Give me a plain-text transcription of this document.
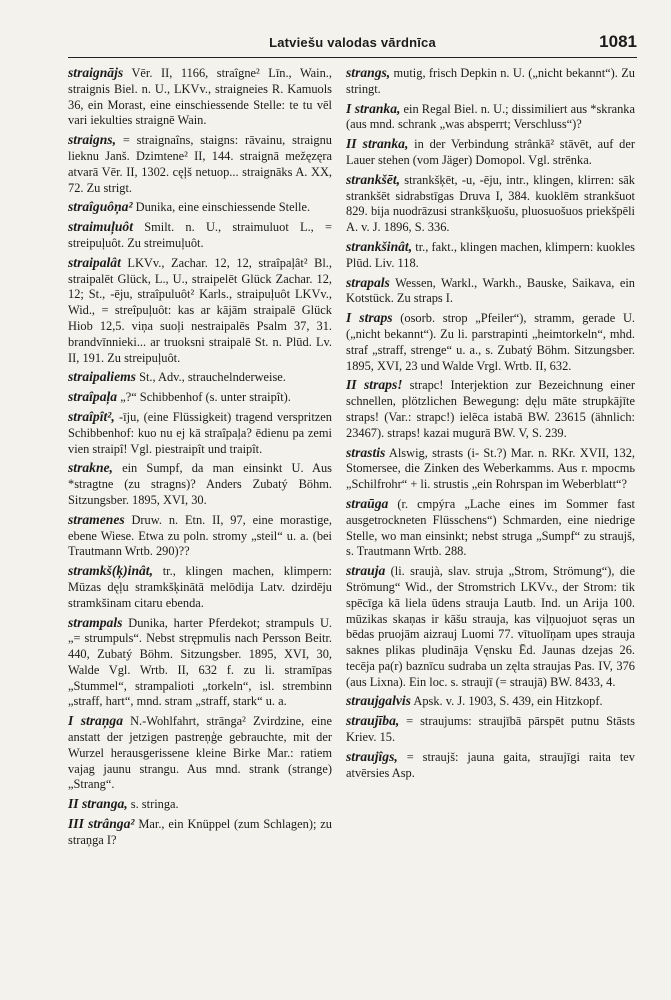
Latviešu valodas vārdnīca	1081

straignājs Vēr. II, 1166, straîgne² Līn., Wain., straignis Biel. n. U., LKVv., straigneies R. Kamuols 36, ein Morast, eine einschiessende Stelle: te tu vēl vari iekulties straignē Wain.

straigns, = straignaîns, staigns: rāvainu, straignu lieknu Janš. Dzimtene² II, 144. straignā mežęzęra atvarā Vēr. II, 1302. cęļš netuop... straignāks A. XX, 72. Zu strigt.

straîguôņa² Dunika, eine einschiessende Stelle.

straimuļuôt Smilt. n. U., straimuluot L., = streipuļuôt. Zu streimuļuôt.

straipalât LKVv., Zachar. 12, 12, straîpaļât² Bl., straipalēt Glück, L., U., straipelēt Glück Zachar. 12, 12; St., -ēju, straîpuluôt² Karls., straipuļuôt LKVv., Wid., = streîpuļuôt: kas ar kājām straipalē Glück Hiob 12,5. viņa suoļi nestraipalēs Psalm 37, 31. brandvīnnieki... ar truoksni straipalē St. n. Plūd. Lv. II, 191. Zu streipuļuôt.

straipaliems St., Adv., strauchelnderweise.

straîpaļa „?“ Schibbenhof (s. unter straipît).

straîpît², -īju, (eine Flüssigkeit) tragend verspritzen Schibbenhof: kuo nu ej kā straîpaļa? ēdienu pa zemi vien straipî! Vgl. piestraipît und traipît.

strakne, ein Sumpf, da man einsinkt U. Aus *stragtne (zu stragns)? Anders Zubatý Böhm. Sitzungsber. 1895, XVI, 30.

stramenes Druw. n. Etn. II, 97, eine morastige, ebene Wiese. Etwa zu poln. stromy „steil“ u. a. (bei Trautmann Wrtb. 290)??

stramkš(ķ)inât, tr., klingen machen, klimpern: Mūzas dęļu stramkšķinātā melōdija Latv. dzirdēju stramkšinam citaru ebenda.

strampals Dunika, harter Pferdekot; strampuls U. „= strumpuls“. Nebst strępmulis nach Persson Beitr. 440, Zubatý Böhm. Sitzungsber. 1895, XVI, 30, Walde Vgl. Wrtb. II, 632 f. zu li. stramīpas „Stummel“, strampalioti „torkeln“, isl. strembinn „straff, hart“, mnd. stram „straff, stark“ u. a.

I straņga N.-Wohlfahrt, strānga² Zvirdzine, eine anstatt der jetzigen pastreņģe gebrauchte, mit der Wurzel herausgerissene kleine Birke Mar.: ratiem vajag jaunu strangu. Aus mnd. strank (strange) „Strang“.

II stranga, s. stringa.

III strânga² Mar., ein Knüppel (zum Schlagen); zu straņga I?

strangs, mutig, frisch Depkin n. U. („nicht bekannt“). Zu stringt.

I stranka, ein Regal Biel. n. U.; dissimiliert aus *skranka (aus mnd. schrank „was absperrt; Verschluss“)?

II stranka, in der Verbindung strânkā² stāvēt, auf der Lauer stehen (vom Jäger) Domopol. Vgl. strēnka.

strankšēt, strankšķēt, -u, -ēju, intr., klingen, klirren: sāk strankšēt sidrabstīgas Druva I, 384. kuoklēm strankšuot 829. bija nuodrāzusi strankšķuošu, pluosuošuos priekšpēli A. v. J. 1896, S. 336.

strankšinât, tr., fakt., klingen machen, klimpern: kuokles Plūd. Liv. 118.

strapals Wessen, Warkl., Warkh., Bauske, Saikava, ein Kotstück. Zu straps I.

I straps (osorb. strop „Pfeiler“), stramm, gerade U. („nicht bekannt“). Zu li. parstrapinti „heimtorkeln“, mhd. straf „straff, strenge“ u. a., s. Zubatý Böhm. Sitzungsber. 1895, XVI, 23 und Walde Vrgl. Wrtb. II, 632.

II straps! strapc! Interjektion zur Bezeichnung einer schnellen, plötzlichen Bewegung: dęļu māte strupkājīte straps! (Var.: strapc!) ielēca istabā BW. 23615 (ähnlich: 23467). straps! kazai mugurā BW. V, S. 239.

strastis Alswig, strasts (i- St.?) Mar. n. RKr. XVII, 132, Stomersee, die Zinken des Weberkamms. Aus r. mросmь „Schilfrohr“ + li. strustis „ein Rohrspan im Weberblatt“?

straūga (r. cmpýгa „Lache eines im Sommer fast ausgetrockneten Flüsschens“) Schmarden, eine niedrige Stelle, wo man einsinkt; nebst struga „Sumpf“ zu straujš, s. Trautmann Wrtb. 288.

strauja (li. sraujà, slav. struja „Strom, Strömung“), die Strömung“ Wid., der Stromstrich LKVv., der Strom: tik spēcīga kā liela ūdens strauja Lautb. Ind. un Arija 100. mūzikas skaņas ir kāšu strauja, kas viļņuojuot sęras un bēdas pruojām aizrauj Luomi 77. vītuolīņam upes strauja saknes plikas pludināja Vęnsku Ēd. Jaunas dzejas 26. tecēja pa(r) baznīcu sudraba un zęlta straujas Pas. IV, 376 (aus Lixna). Ein loc. s. straujī (= straujā) BW. 8433, 4.

straujgalvis Apsk. v. J. 1903, S. 439, ein Hitzkopf.

straujība, = straujums: straujībā pārspēt putnu Stāsts Kriev. 15.

straujîgs, = straujš: jauna gaita, straujīgi raita tev atvērsies Asp.
